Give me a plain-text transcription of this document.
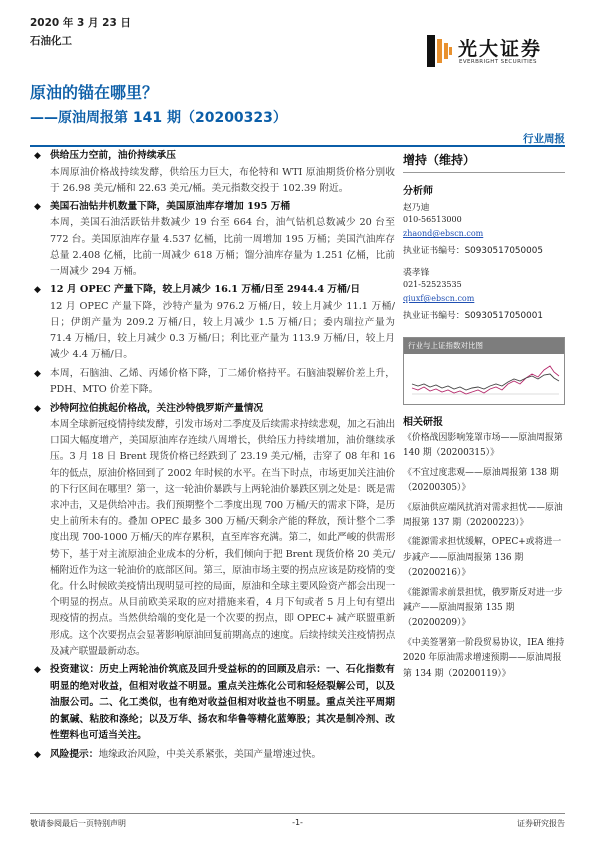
2020 年 3 月 23 日
石油化工	光大证券
EVERBRIGHT SECURITIES
原油的锚在哪里？
——原油周报第 141 期（20200323）
行业周报
◆ 供给压力空前，油价持续承压
本周原油价格战持续发酵，供给压力巨大，布伦特和 WTI 原油期货价格分别收于 26.98 美元/桶和 22.63 美元/桶。美元指数交投于 102.39 附近。
◆ 美国石油钻井机数量下降，美国原油库存增加 195 万桶
本周，美国石油活跃钻井数减少 19 台至 664 台，油气钻机总数减少 20 台至 772 台。美国原油库存量 4.537 亿桶，比前一周增加 195 万桶；美国汽油库存总量 2.408 亿桶，比前一周减少 618 万桶；馏分油库存量为 1.251 亿桶，比前一周减少 294 万桶。
◆ 12 月 OPEC 产量下降，较上月减少 16.1 万桶/日至 2944.4 万桶/日
12 月 OPEC 产量下降，沙特产量为 976.2 万桶/日，较上月减少 11.1 万桶/日；伊朗产量为 209.2 万桶/日，较上月减少 1.5 万桶/日；委内瑞拉产量为 71.4 万桶/日，较上月减少 0.3 万桶/日；利比亚产量为 113.9 万桶/日，较上月减少 4.4 万桶/日。
◆ 本周，石脑油、乙烯、丙烯价格下降，丁二烯价格持平。石脑油裂解价差上升，PDH、MTO 价差下降。
◆ 沙特阿拉伯挑起价格战，关注沙特俄罗斯产量情况
本周全球新冠疫情持续发酵，引发市场对二季度及后续需求持续悲观，加之石油出口国大幅度增产，美国原油库存连续八周增长，供给压力持续增加，油价继续承压。3 月 18 日 Brent 现货价格已经跌到了 23.19 美元/桶，击穿了 08 年和 16 年的低点，原油价格回到了 2002 年时候的水平。在当下时点，市场更加关注油价的下行区间在哪里？第一，这一轮油价暴跌与上两轮油价暴跌区别之处是：既是需求冲击，又是供给冲击。我们预期整个二季度出现 700 万桶/天的需求下降，是历史上前所未有的。叠加 OPEC 最多 300 万桶/天剩余产能的释放，预计整个二季度出现 700-1000 万桶/天的库存累积，直至库容充满。第二，如此严峻的供需形势下，基于对主流原油企业成本的分析，我们倾向于把 Brent 现货价格 20 美元/桶附近作为这一轮油价的底部区间。第三，原油市场主要的拐点应该是防疫情的变化。什么时候欧美疫情出现明显可控的局面，原油和全球主要风险资产都会出现一个明显的拐点。从目前欧美采取的应对措施来看，4 月下旬或者 5 月上旬有望出现疫情的拐点。当然供给端的变化是一个次要的拐点，即 OPEC+ 减产联盟重新形成。这个次要拐点会显著影响原油回复前期高点的速度。后续持续关注疫情拐点及减产联盟最新动态。
◆ 投资建议：历史上两轮油价筑底及回升受益标的的回顾及启示：一、石化指数有明显的绝对收益，但相对收益不明显。重点关注炼化公司和轻烃裂解公司，以及油服公司。二、化工类似，也有绝对收益但相对收益也不明显。重点关注平周期的氯碱、粘胶和涤纶；以及万华、扬农和华鲁等精化蓝筹股；其次是制冷剂、改性塑料也可适当关注。
◆ 风险提示：地缘政治风险，中美关系紧张，美国产量增速过快。
增持（维持）
分析师
赵乃迪
010-56513000
zhaond@ebscn.com
执业证书编号：S0930517050005
裘孝锋
021-52523535
qiuxf@ebscn.com
执业证书编号：S0930517050001
行业与上证指数对比图
相关研报
《价格战因影响笼罩市场——原油周报第 140 期（20200315）》
《不宜过度悲观——原油周报第 138 期（20200305）》
《原油供应端风扰消对需求担忧——原油周报第 137 期（20200223）》
《能源需求担忧缓解，OPEC+或将进一步减产——原油周报第 136 期（20200216）》
《能源需求前景担忧，俄罗斯反对进一步减产——原油周报第 135 期（20200209）》
《中美签署第一阶段贸易协议，IEA 维持 2020 年原油需求增速预期——原油周报第 134 期（20200119）》
敬请参阅最后一页特别声明	-1-	证券研究报告
